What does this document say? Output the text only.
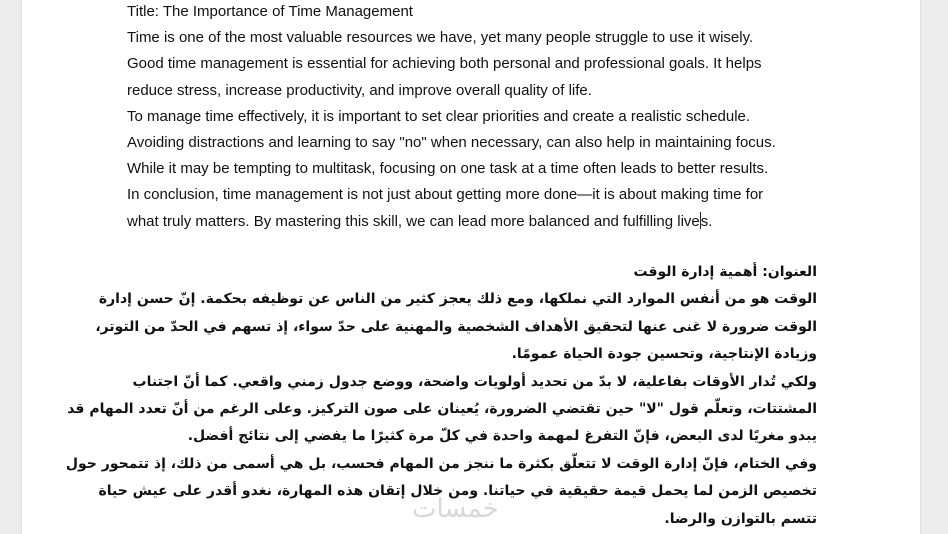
Title: The Importance of Time Management
Time is one of the most valuable resources we have, yet many people struggle to use it wisely.
Good time management is essential for achieving both personal and professional goals. It helps
reduce stress, increase productivity, and improve overall quality of life.
To manage time effectively, it is important to set clear priorities and create a realistic schedule.
Avoiding distractions and learning to say "no" when necessary, can also help in maintaining focus.
While it may be tempting to multitask, focusing on one task at a time often leads to better results.
In conclusion, time management is not just about getting more done—it is about making time for
what truly matters. By mastering this skill, we can lead more balanced and fulfilling lives.
العنوان: أهمية إدارة الوقت
الوقت هو من أنفس الموارد التي نملكها، ومع ذلك يعجز كثير من الناس عن توظيفه بحكمة. إنّ حسن إدارة
الوقت ضرورة لا غنى عنها لتحقيق الأهداف الشخصية والمهنية على حدّ سواء، إذ تسهم في الحدّ من التوتر،
وزيادة الإنتاجية، وتحسين جودة الحياة عمومًا.
ولكي تُدار الأوقات بفاعلية، لا بدّ من تحديد أولويات واضحة، ووضع جدول زمني واقعي. كما أنّ اجتناب
المشتتات، وتعلّم قول "لا" حين تقتضي الضرورة، يُعينان على صون التركيز. وعلى الرغم من أنّ تعدد المهام قد
يبدو مغريًا لدى البعض، فإنّ التفرغ لمهمة واحدة في كلّ مرة كثيرًا ما يفضي إلى نتائج أفضل.
وفي الختام، فإنّ إدارة الوقت لا تتعلّق بكثرة ما ننجز من المهام فحسب، بل هي أسمى من ذلك، إذ تتمحور حول
تخصيص الزمن لما يحمل قيمة حقيقية في حياتنا. ومن خلال إتقان هذه المهارة، نغدو أقدر على عيش حياة
تتسم بالتوازن والرضا.
خمسات
